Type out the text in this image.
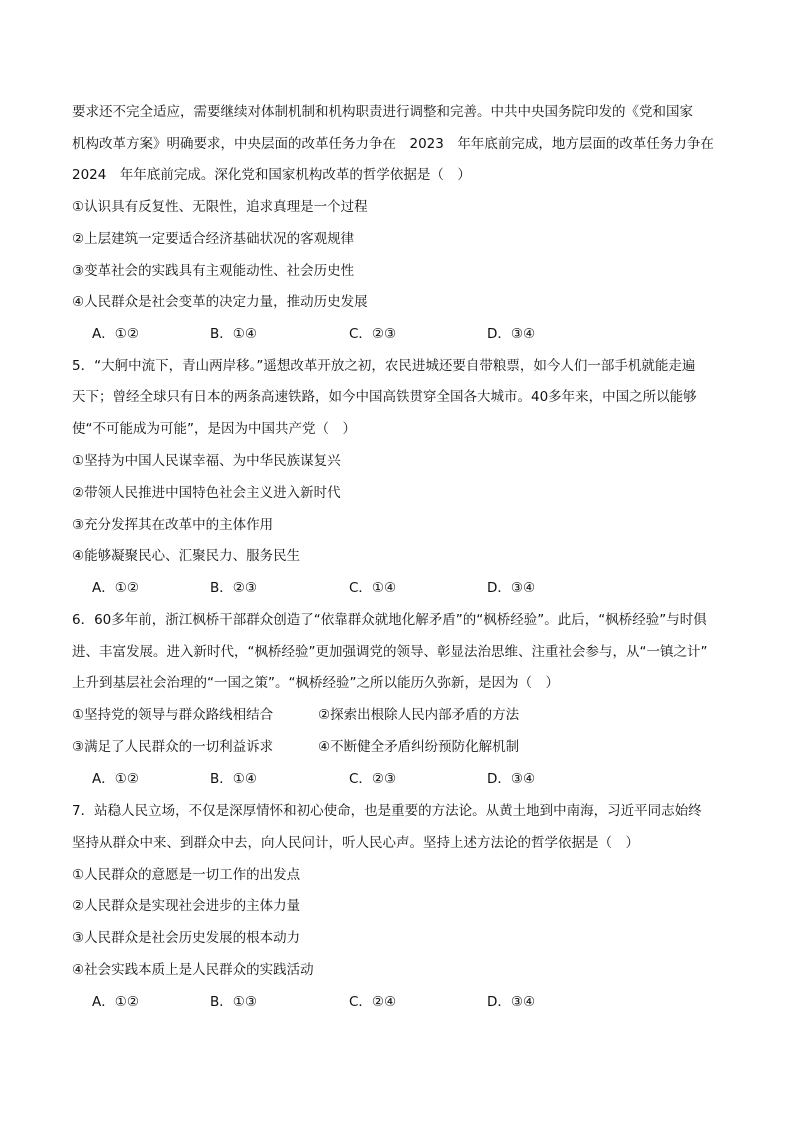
要求还不完全适应，需要继续对体制机制和机构职责进行调整和完善。中共中央国务院印发的《党和国家
机构改革方案》明确要求，中央层面的改革任务力争在　2023　年年底前完成，地方层面的改革任务力争在
2024　年年底前完成。深化党和国家机构改革的哲学依据是（　）
①认识具有反复性、无限性，追求真理是一个过程
②上层建筑一定要适合经济基础状况的客观规律
③变革社会的实践具有主观能动性、社会历史性
④人民群众是社会变革的决定力量，推动历史发展
A．①②	B．①④	C．②③	D．③④
5．“大舸中流下，青山两岸移。”遥想改革开放之初，农民进城还要自带粮票，如今人们一部手机就能走遍
天下；曾经全球只有日本的两条高速铁路，如今中国高铁贯穿全国各大城市。40多年来，中国之所以能够
使“不可能成为可能”，是因为中国共产党（　）
①坚持为中国人民谋幸福、为中华民族谋复兴
②带领人民推进中国特色社会主义进入新时代
③充分发挥其在改革中的主体作用
④能够凝聚民心、汇聚民力、服务民生
A．①②	B．②③	C．①④	D．③④
6．60多年前，浙江枫桥干部群众创造了“依靠群众就地化解矛盾”的“枫桥经验”。此后，“枫桥经验”与时俱
进、丰富发展。进入新时代，“枫桥经验”更加强调党的领导、彰显法治思维、注重社会参与，从“一镇之计”
上升到基层社会治理的“一国之策”。“枫桥经验”之所以能历久弥新，是因为（　）
①坚持党的领导与群众路线相结合	②探索出根除人民内部矛盾的方法
③满足了人民群众的一切利益诉求	④不断健全矛盾纠纷预防化解机制
A．①②	B．①④	C．②③	D．③④
7．站稳人民立场，不仅是深厚情怀和初心使命，也是重要的方法论。从黄土地到中南海，习近平同志始终
坚持从群众中来、到群众中去，向人民问计，听人民心声。坚持上述方法论的哲学依据是（　）
①人民群众的意愿是一切工作的出发点
②人民群众是实现社会进步的主体力量
③人民群众是社会历史发展的根本动力
④社会实践本质上是人民群众的实践活动
A．①②	B．①③	C．②④	D．③④
